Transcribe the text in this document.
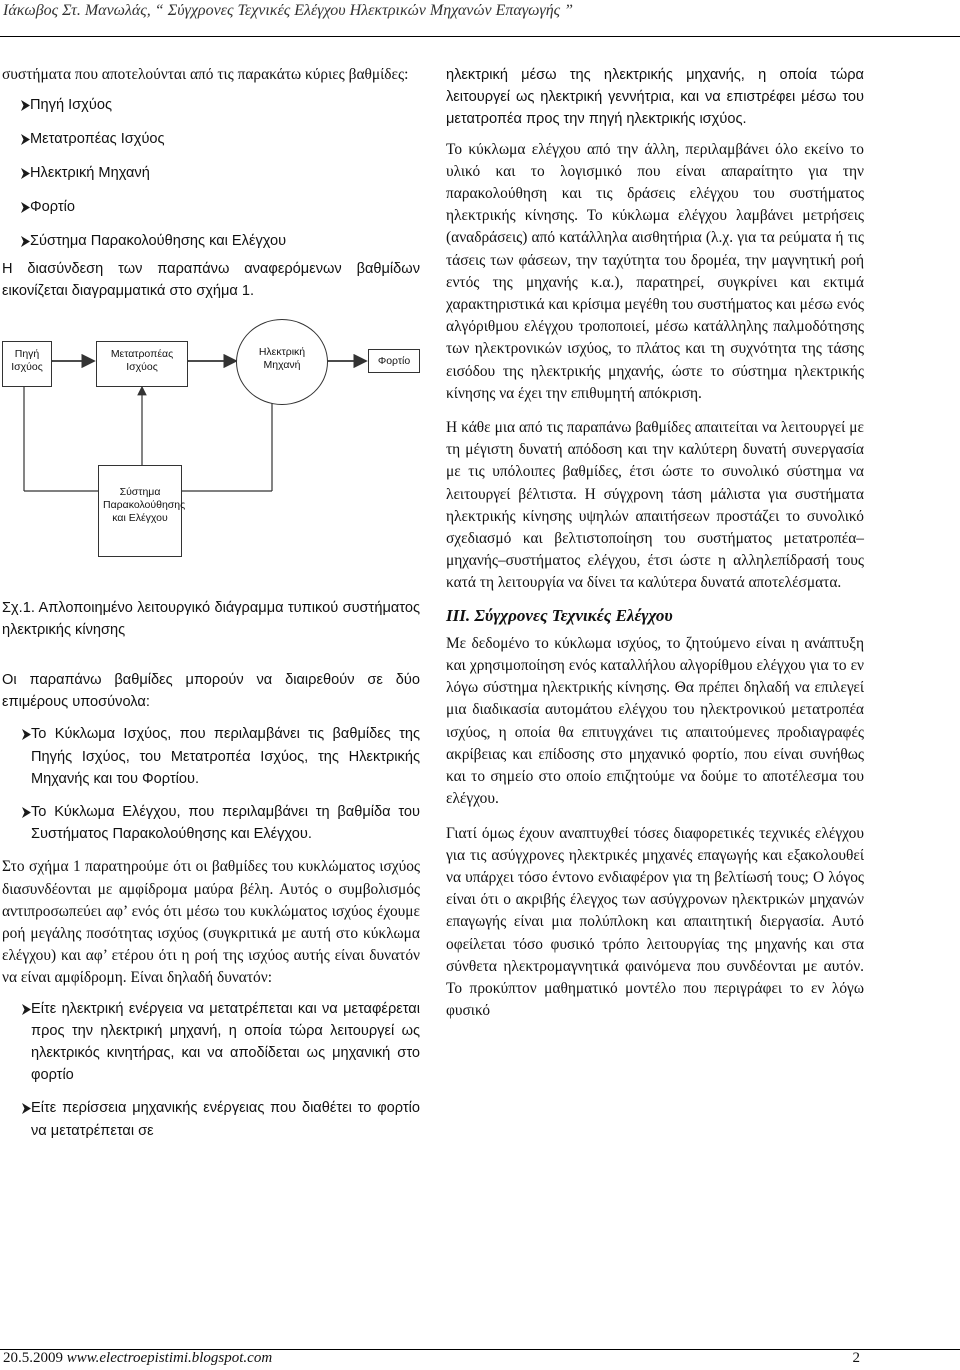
Ιάκωβος Στ. Μανωλάς, “ Σύγχρονες Τεχνικές Ελέγχου Ηλεκτρικών Μηχανών Επαγωγής ”

συστήματα που αποτελούνται από τις παρακάτω κύριες βαθμίδες:

Πηγή Ισχύος
Μετατροπέας Ισχύος
Ηλεκτρική Μηχανή
Φορτίο
Σύστημα Παρακολούθησης και Ελέγχου

Η διασύνδεση των παραπάνω αναφερόμενων βαθμίδων εικονίζεται διαγραμματικά στο σχήμα 1.

Πηγή Ισχύος
Μετατροπέας Ισχύος
Ηλεκτρική Μηχανή	Φορτίο
Σύστημα Παρακολούθησης και Ελέγχου

Σχ.1. Απλοποιημένο λειτουργικό διάγραμμα τυπικού συστήματος ηλεκτρικής κίνησης

Οι παραπάνω βαθμίδες μπορούν να διαιρεθούν σε δύο επιμέρους υποσύνολα:

Το Κύκλωμα Ισχύος, που περιλαμβάνει τις βαθμίδες της Πηγής Ισχύος, του Μετατροπέα Ισχύος, της Ηλεκτρικής Μηχανής και του Φορτίου.

Το Κύκλωμα Ελέγχου, που περιλαμβάνει τη βαθμίδα του Συστήματος Παρακολούθησης και Ελέγχου.

Στο σχήμα 1 παρατηρούμε ότι οι βαθμίδες του κυκλώματος ισχύος διασυνδέονται με αμφίδρομα μαύρα βέλη. Αυτός ο συμβολισμός αντιπροσωπεύει αφ’ ενός ότι μέσω του κυκλώματος ισχύος έχουμε ροή μεγάλης ποσότητας ισχύος (συγκριτικά με αυτή στο κύκλωμα ελέγχου) και αφ’ ετέρου ότι η ροή της ισχύος αυτής είναι δυνατόν να είναι αμφίδρομη. Είναι δηλαδή δυνατόν:

Είτε ηλεκτρική ενέργεια να μετατρέπεται και να μεταφέρεται προς την ηλεκτρική μηχανή, η οποία τώρα λειτουργεί ως ηλεκτρικός κινητήρας, και να αποδίδεται ως μηχανική στο φορτίο

Είτε περίσσεια μηχανικής ενέργειας που διαθέτει το φορτίο να μετατρέπεται σε

ηλεκτρική μέσω της ηλεκτρικής μηχανής, η οποία τώρα λειτουργεί ως ηλεκτρική γεννήτρια, και να επιστρέφει μέσω του μετατροπέα προς την πηγή ηλεκτρικής ισχύος.

Το κύκλωμα ελέγχου από την άλλη, περιλαμβάνει όλο εκείνο το υλικό και το λογισμικό που είναι απαραίτητο για την παρακολούθηση και τις δράσεις ελέγχου του συστήματος ηλεκτρικής κίνησης. Το κύκλωμα ελέγχου λαμβάνει μετρήσεις (αναδράσεις) από κατάλληλα αισθητήρια (λ.χ. για τα ρεύματα ή τις τάσεις των φάσεων, την ταχύτητα του δρομέα, την μαγνητική ροή εντός της μηχανής κ.α.), παρατηρεί, συγκρίνει και εκτιμά χαρακτηριστικά και κρίσιμα μεγέθη του συστήματος και μέσω ενός αλγόριθμου ελέγχου τροποποιεί, μέσω κατάλληλης παλμοδότησης των ηλεκτρονικών ισχύος, το πλάτος και τη συχνότητα της τάσης εισόδου της ηλεκτρικής μηχανής, ώστε το σύστημα ηλεκτρικής κίνησης να έχει την επιθυμητή απόκριση.

Η κάθε μια από τις παραπάνω βαθμίδες απαιτείται να λειτουργεί με τη μέγιστη δυνατή απόδοση και την καλύτερη δυνατή συνεργασία με τις υπόλοιπες βαθμίδες, έτσι ώστε το συνολικό σύστημα να λειτουργεί βέλτιστα. Η σύγχρονη τάση μάλιστα για συστήματα ηλεκτρικής κίνησης υψηλών απαιτήσεων προστάζει το συνολικό σχεδιασμό και βελτιστοποίηση του συστήματος μετατροπέα– μηχανής–συστήματος ελέγχου, έτσι ώστε η αλληλεπίδρασή τους κατά τη λειτουργία να δίνει τα καλύτερα δυνατά αποτελέσματα.

ΙΙΙ. Σύγχρονες Τεχνικές Ελέγχου

Με δεδομένο το κύκλωμα ισχύος, το ζητούμενο είναι η ανάπτυξη και χρησιμοποίηση ενός καταλλήλου αλγορίθμου ελέγχου για το εν λόγω σύστημα ηλεκτρικής κίνησης. Θα πρέπει δηλαδή να επιλεγεί μια διαδικασία αυτομάτου ελέγχου του ηλεκτρονικού μετατροπέα ισχύος, η οποία θα επιτυγχάνει τις απαιτούμενες προδιαγραφές ακρίβειας και επίδοσης στο μηχανικό φορτίο, που είναι συνήθως και το σημείο στο οποίο επιζητούμε να δούμε το αποτέλεσμα του ελέγχου.

Γιατί όμως έχουν αναπτυχθεί τόσες διαφορετικές τεχνικές ελέγχου για τις ασύγχρονες ηλεκτρικές μηχανές επαγωγής και εξακολουθεί να υπάρχει τόσο έντονο ενδιαφέρον για τη βελτίωσή τους; Ο λόγος είναι ότι ο ακριβής έλεγχος των ασύγχρονων ηλεκτρικών μηχανών επαγωγής είναι μια πολύπλοκη και απαιτητική διεργασία. Αυτό οφείλεται τόσο φυσικό τρόπο λειτουργίας της μηχανής και στα σύνθετα ηλεκτρομαγνητικά φαινόμενα που συνδέονται με αυτόν. Το προκύπτον μαθηματικό μοντέλο που περιγράφει το εν λόγω φυσικό

20.5.2009 www.electroepistimi.blogspot.com	2
